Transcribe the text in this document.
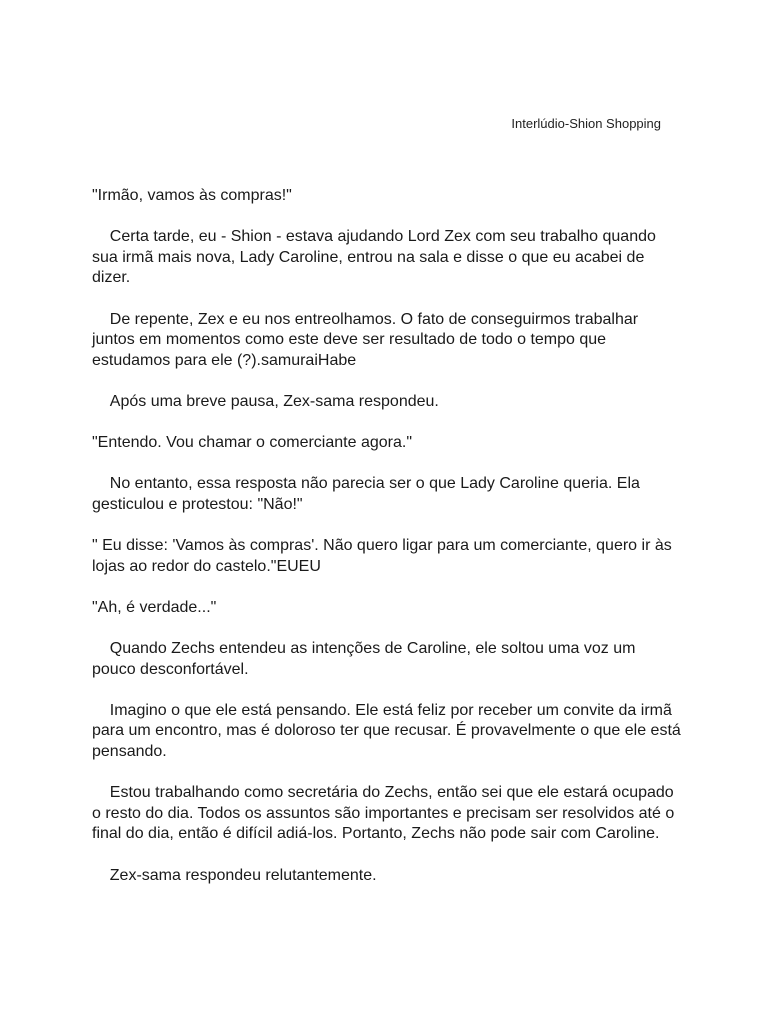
Interlúdio-Shion Shopping

"Irmão, vamos às compras!"

Certa tarde, eu - Shion - estava ajudando Lord Zex com seu trabalho quando sua irmã mais nova, Lady Caroline, entrou na sala e disse o que eu acabei de dizer.

De repente, Zex e eu nos entreolhamos. O fato de conseguirmos trabalhar juntos em momentos como este deve ser resultado de todo o tempo que estudamos para ele (?).samuraiHabe

Após uma breve pausa, Zex-sama respondeu.

"Entendo. Vou chamar o comerciante agora."

No entanto, essa resposta não parecia ser o que Lady Caroline queria. Ela gesticulou e protestou: "Não!"

" Eu disse: 'Vamos às compras'. Não quero ligar para um comerciante, quero ir às lojas ao redor do castelo."EUEU

"Ah, é verdade..."

Quando Zechs entendeu as intenções de Caroline, ele soltou uma voz um pouco desconfortável.

Imagino o que ele está pensando. Ele está feliz por receber um convite da irmã para um encontro, mas é doloroso ter que recusar. É provavelmente o que ele está pensando.

Estou trabalhando como secretária do Zechs, então sei que ele estará ocupado o resto do dia. Todos os assuntos são importantes e precisam ser resolvidos até o final do dia, então é difícil adiá-los. Portanto, Zechs não pode sair com Caroline.

Zex-sama respondeu relutantemente.
